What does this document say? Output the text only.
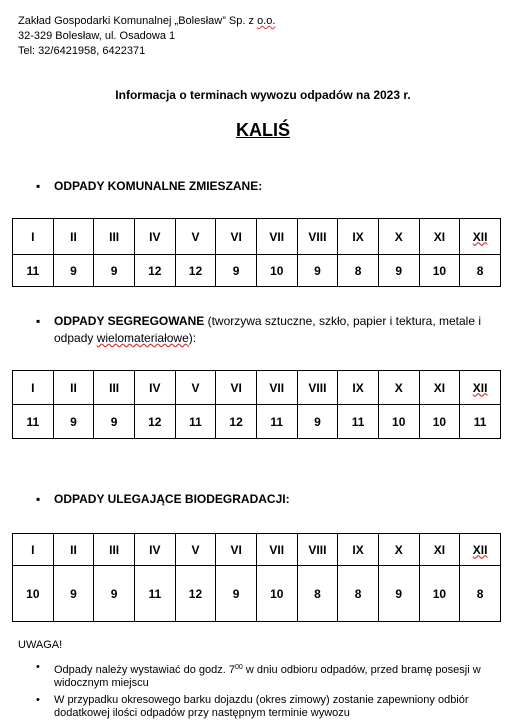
Zakład Gospodarki Komunalnej „Bolesław” Sp. z o.o.
32-329 Bolesław, ul. Osadowa 1
Tel: 32/6421958, 6422371
Informacja o terminach wywozu odpadów na 2023 r.
KALIŚ
▪ ODPADY KOMUNALNE ZMIESZANE:
I	II	III	IV	V	VI	VII	VIII	IX	X	XI	XII
11	9	9	12	12	9	10	9	8	9	10	8
▪ ODPADY SEGREGOWANE (tworzywa sztuczne, szkło, papier i tektura, metale i odpady wielomateriałowe):
I	II	III	IV	V	VI	VII	VIII	IX	X	XI	XII
11	9	9	12	11	12	11	9	11	10	10	11
▪ ODPADY ULEGAJĄCE BIODEGRADACJI:
I	II	III	IV	V	VI	VII	VIII	IX	X	XI	XII
10	9	9	11	12	9	10	8	8	9	10	8
UWAGA!
• Odpady należy wystawiać do godz. $7^{00}$ w dniu odbioru odpadów, przed bramę posesji w widocznym miejscu
• W przypadku okresowego barku dojazdu (okres zimowy) zostanie zapewniony odbiór dodatkowej ilości odpadów przy następnym terminie wywozu
